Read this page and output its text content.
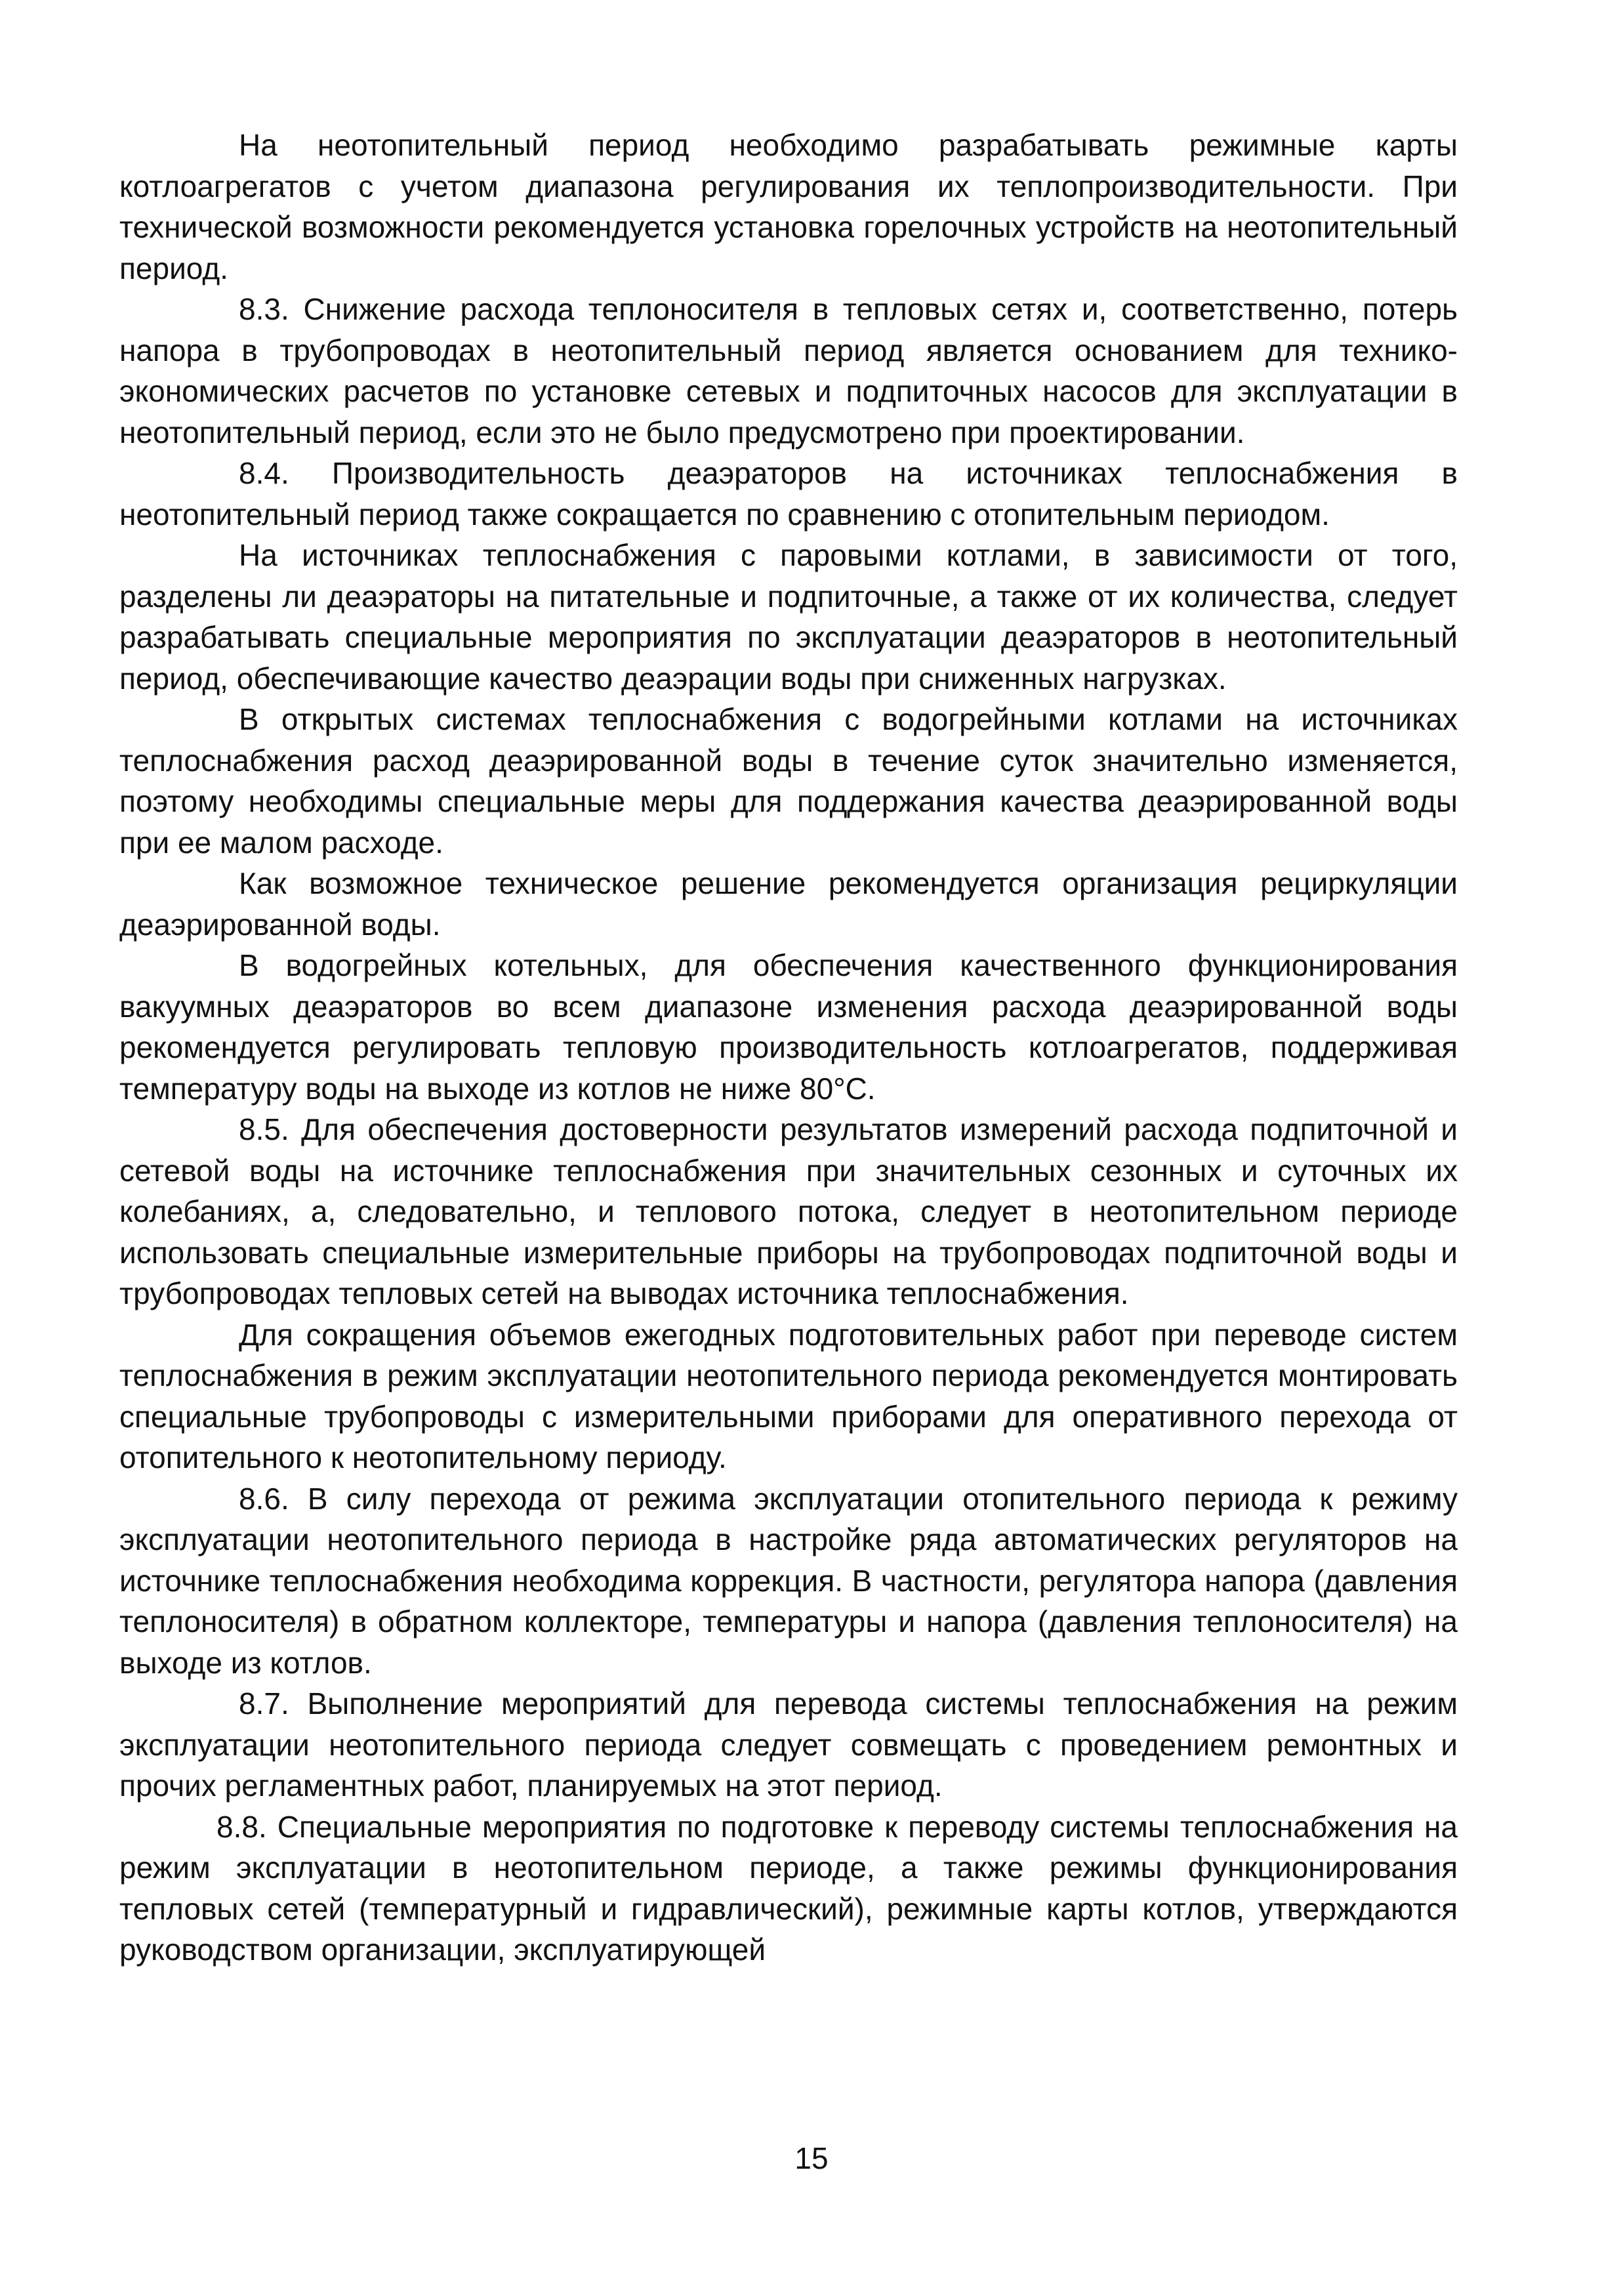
На неотопительный период необходимо разрабатывать режимные карты котлоагрегатов с учетом диапазона регулирования их теплопроизводительности. При технической возможности рекомендуется установка горелочных устройств на неотопительный период.

8.3. Снижение расхода теплоносителя в тепловых сетях и, соответственно, потерь напора в трубопроводах в неотопительный период является основанием для технико-экономических расчетов по установке сетевых и подпиточных насосов для эксплуатации в неотопительный период, если это не было предусмотрено при проектировании.

8.4. Производительность деаэраторов на источниках теплоснабжения в неотопительный период также сокращается по сравнению с отопительным периодом.

На источниках теплоснабжения с паровыми котлами, в зависимости от того, разделены ли деаэраторы на питательные и подпиточные, а также от их количества, следует разрабатывать специальные мероприятия по эксплуатации деаэраторов в неотопительный период, обеспечивающие качество деаэрации воды при сниженных нагрузках.

В открытых системах теплоснабжения с водогрейными котлами на источниках теплоснабжения расход деаэрированной воды в течение суток значительно изменяется, поэтому необходимы специальные меры для поддержания качества деаэрированной воды при ее малом расходе.

Как возможное техническое решение рекомендуется организация рециркуляции деаэрированной воды.

В водогрейных котельных, для обеспечения качественного функционирования вакуумных деаэраторов во всем диапазоне изменения расхода деаэрированной воды рекомендуется регулировать тепловую производительность котлоагрегатов, поддерживая температуру воды на выходе из котлов не ниже 80°С.

8.5. Для обеспечения достоверности результатов измерений расхода подпиточной и сетевой воды на источнике теплоснабжения при значительных сезонных и суточных их колебаниях, а, следовательно, и теплового потока, следует в неотопительном периоде использовать специальные измерительные приборы на трубопроводах подпиточной воды и трубопроводах тепловых сетей на выводах источника теплоснабжения.

Для сокращения объемов ежегодных подготовительных работ при переводе систем теплоснабжения в режим эксплуатации неотопительного периода рекомендуется монтировать специальные трубопроводы с измерительными приборами для оперативного перехода от отопительного к неотопительному периоду.

8.6. В силу перехода от режима эксплуатации отопительного периода к режиму эксплуатации неотопительного периода в настройке ряда автоматических регуляторов на источнике теплоснабжения необходима коррекция. В частности, регулятора напора (давления теплоносителя) в обратном коллекторе, температуры и напора (давления теплоносителя) на выходе из котлов.

8.7. Выполнение мероприятий для перевода системы теплоснабжения на режим эксплуатации неотопительного периода следует совмещать с проведением ремонтных и прочих регламентных работ, планируемых на этот период.

8.8. Специальные мероприятия по подготовке к переводу системы теплоснабжения на режим эксплуатации в неотопительном периоде, а также режимы функционирования тепловых сетей (температурный и гидравлический), режимные карты котлов, утверждаются руководством организации, эксплуатирующей

15
